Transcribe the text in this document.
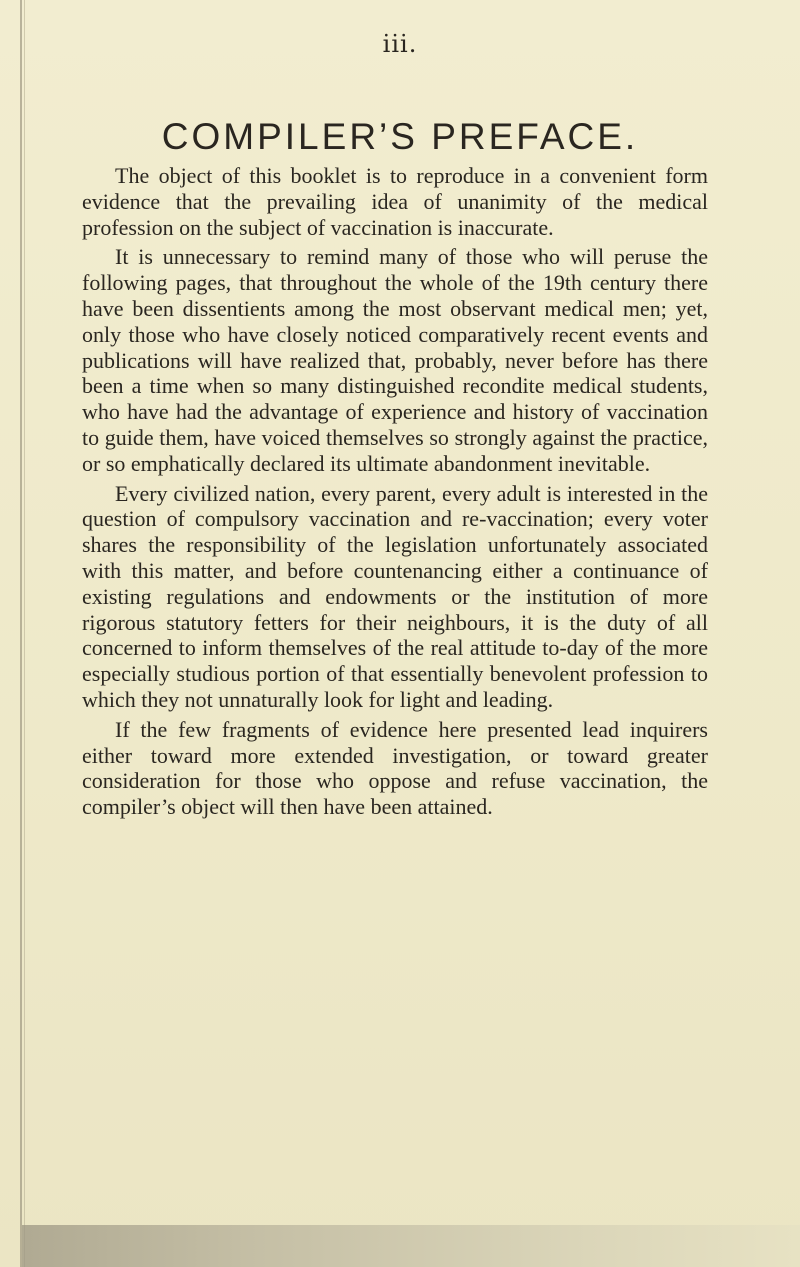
iii.
COMPILER’S PREFACE.

The object of this booklet is to reproduce in a convenient form evidence that the prevailing idea of unanimity of the medical profession on the subject of vaccination is inaccurate.

It is unnecessary to remind many of those who will peruse the following pages, that throughout the whole of the 19th century there have been dissentients among the most observant medical men; yet, only those who have closely noticed comparatively recent events and publications will have realized that, probably, never before has there been a time when so many distinguished recondite medical students, who have had the advantage of experience and history of vaccination to guide them, have voiced themselves so strongly against the practice, or so emphatically declared its ultimate abandonment inevitable.

Every civilized nation, every parent, every adult is interested in the question of compulsory vaccination and re-vaccination; every voter shares the responsibility of the legislation unfortunately associated with this matter, and before countenancing either a continuance of existing regulations and endowments or the institution of more rigorous statutory fetters for their neighbours, it is the duty of all concerned to inform themselves of the real attitude to-day of the more especially studious portion of that essentially benevolent profession to which they not unnaturally look for light and leading.

If the few fragments of evidence here presented lead inquirers either toward more extended investigation, or toward greater consideration for those who oppose and refuse vaccination, the compiler’s object will then have been attained.
